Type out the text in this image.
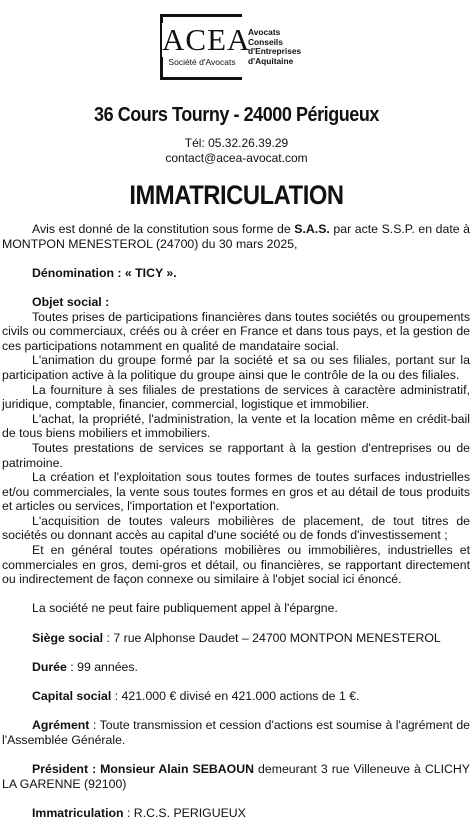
ACEA
Société d'Avocats
Avocats
Conseils
d'Entreprises
d'Aquitaine
36 Cours Tourny - 24000 Périgueux
Tél: 05.32.26.39.29
contact@acea-avocat.com
IMMATRICULATION

Avis est donné de la constitution sous forme de S.A.S. par acte S.S.P. en date à MONTPON MENESTEROL (24700) du 30 mars 2025,

Dénomination : « TICY ».

Objet social :

Toutes prises de participations financières dans toutes sociétés ou groupements civils ou commerciaux, créés ou à créer en France et dans tous pays, et la gestion de ces participations notamment en qualité de mandataire social.

L'animation du groupe formé par la société et sa ou ses filiales, portant sur la participation active à la politique du groupe ainsi que le contrôle de la ou des filiales.

La fourniture à ses filiales de prestations de services à caractère administratif, juridique, comptable, financier, commercial, logistique et immobilier.

L'achat, la propriété, l'administration, la vente et la location même en crédit-bail de tous biens mobiliers et immobiliers.

Toutes prestations de services se rapportant à la gestion d'entreprises ou de patrimoine.

La création et l'exploitation sous toutes formes de toutes surfaces industrielles et/ou commerciales, la vente sous toutes formes en gros et au détail de tous produits et articles ou services, l'importation et l'exportation.

L'acquisition de toutes valeurs mobilières de placement, de tout titres de sociétés ou donnant accès au capital d'une société ou de fonds d'investissement ;

Et en général toutes opérations mobilières ou immobilières, industrielles et commerciales en gros, demi-gros et détail, ou financières, se rapportant directement ou indirectement de façon connexe ou similaire à l'objet social ici énoncé.

La société ne peut faire publiquement appel à l'épargne.

Siège social : 7 rue Alphonse Daudet – 24700 MONTPON MENESTEROL

Durée : 99 années.

Capital social : 421.000 € divisé en 421.000 actions de 1 €.

Agrément : Toute transmission et cession d'actions est soumise à l'agrément de l'Assemblée Générale.

Président : Monsieur Alain SEBAOUN demeurant 3 rue Villeneuve à CLICHY LA GARENNE (92100)

Immatriculation : R.C.S. PERIGUEUX
